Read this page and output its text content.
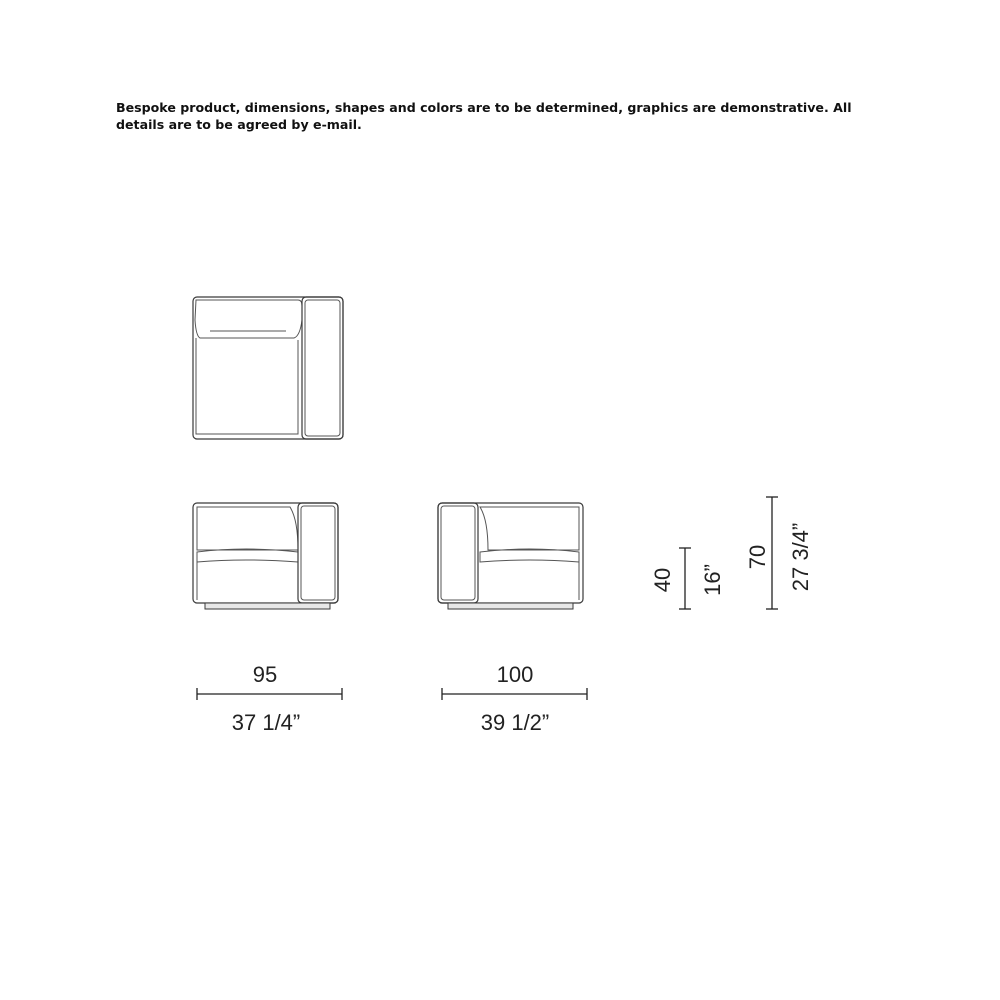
Bespoke product, dimensions, shapes and colors are to be determined, graphics are demonstrative. All details are to be agreed by e-mail.
95
37 1/4”
100
39 1/2”
40 16”
70 27 3/4”
